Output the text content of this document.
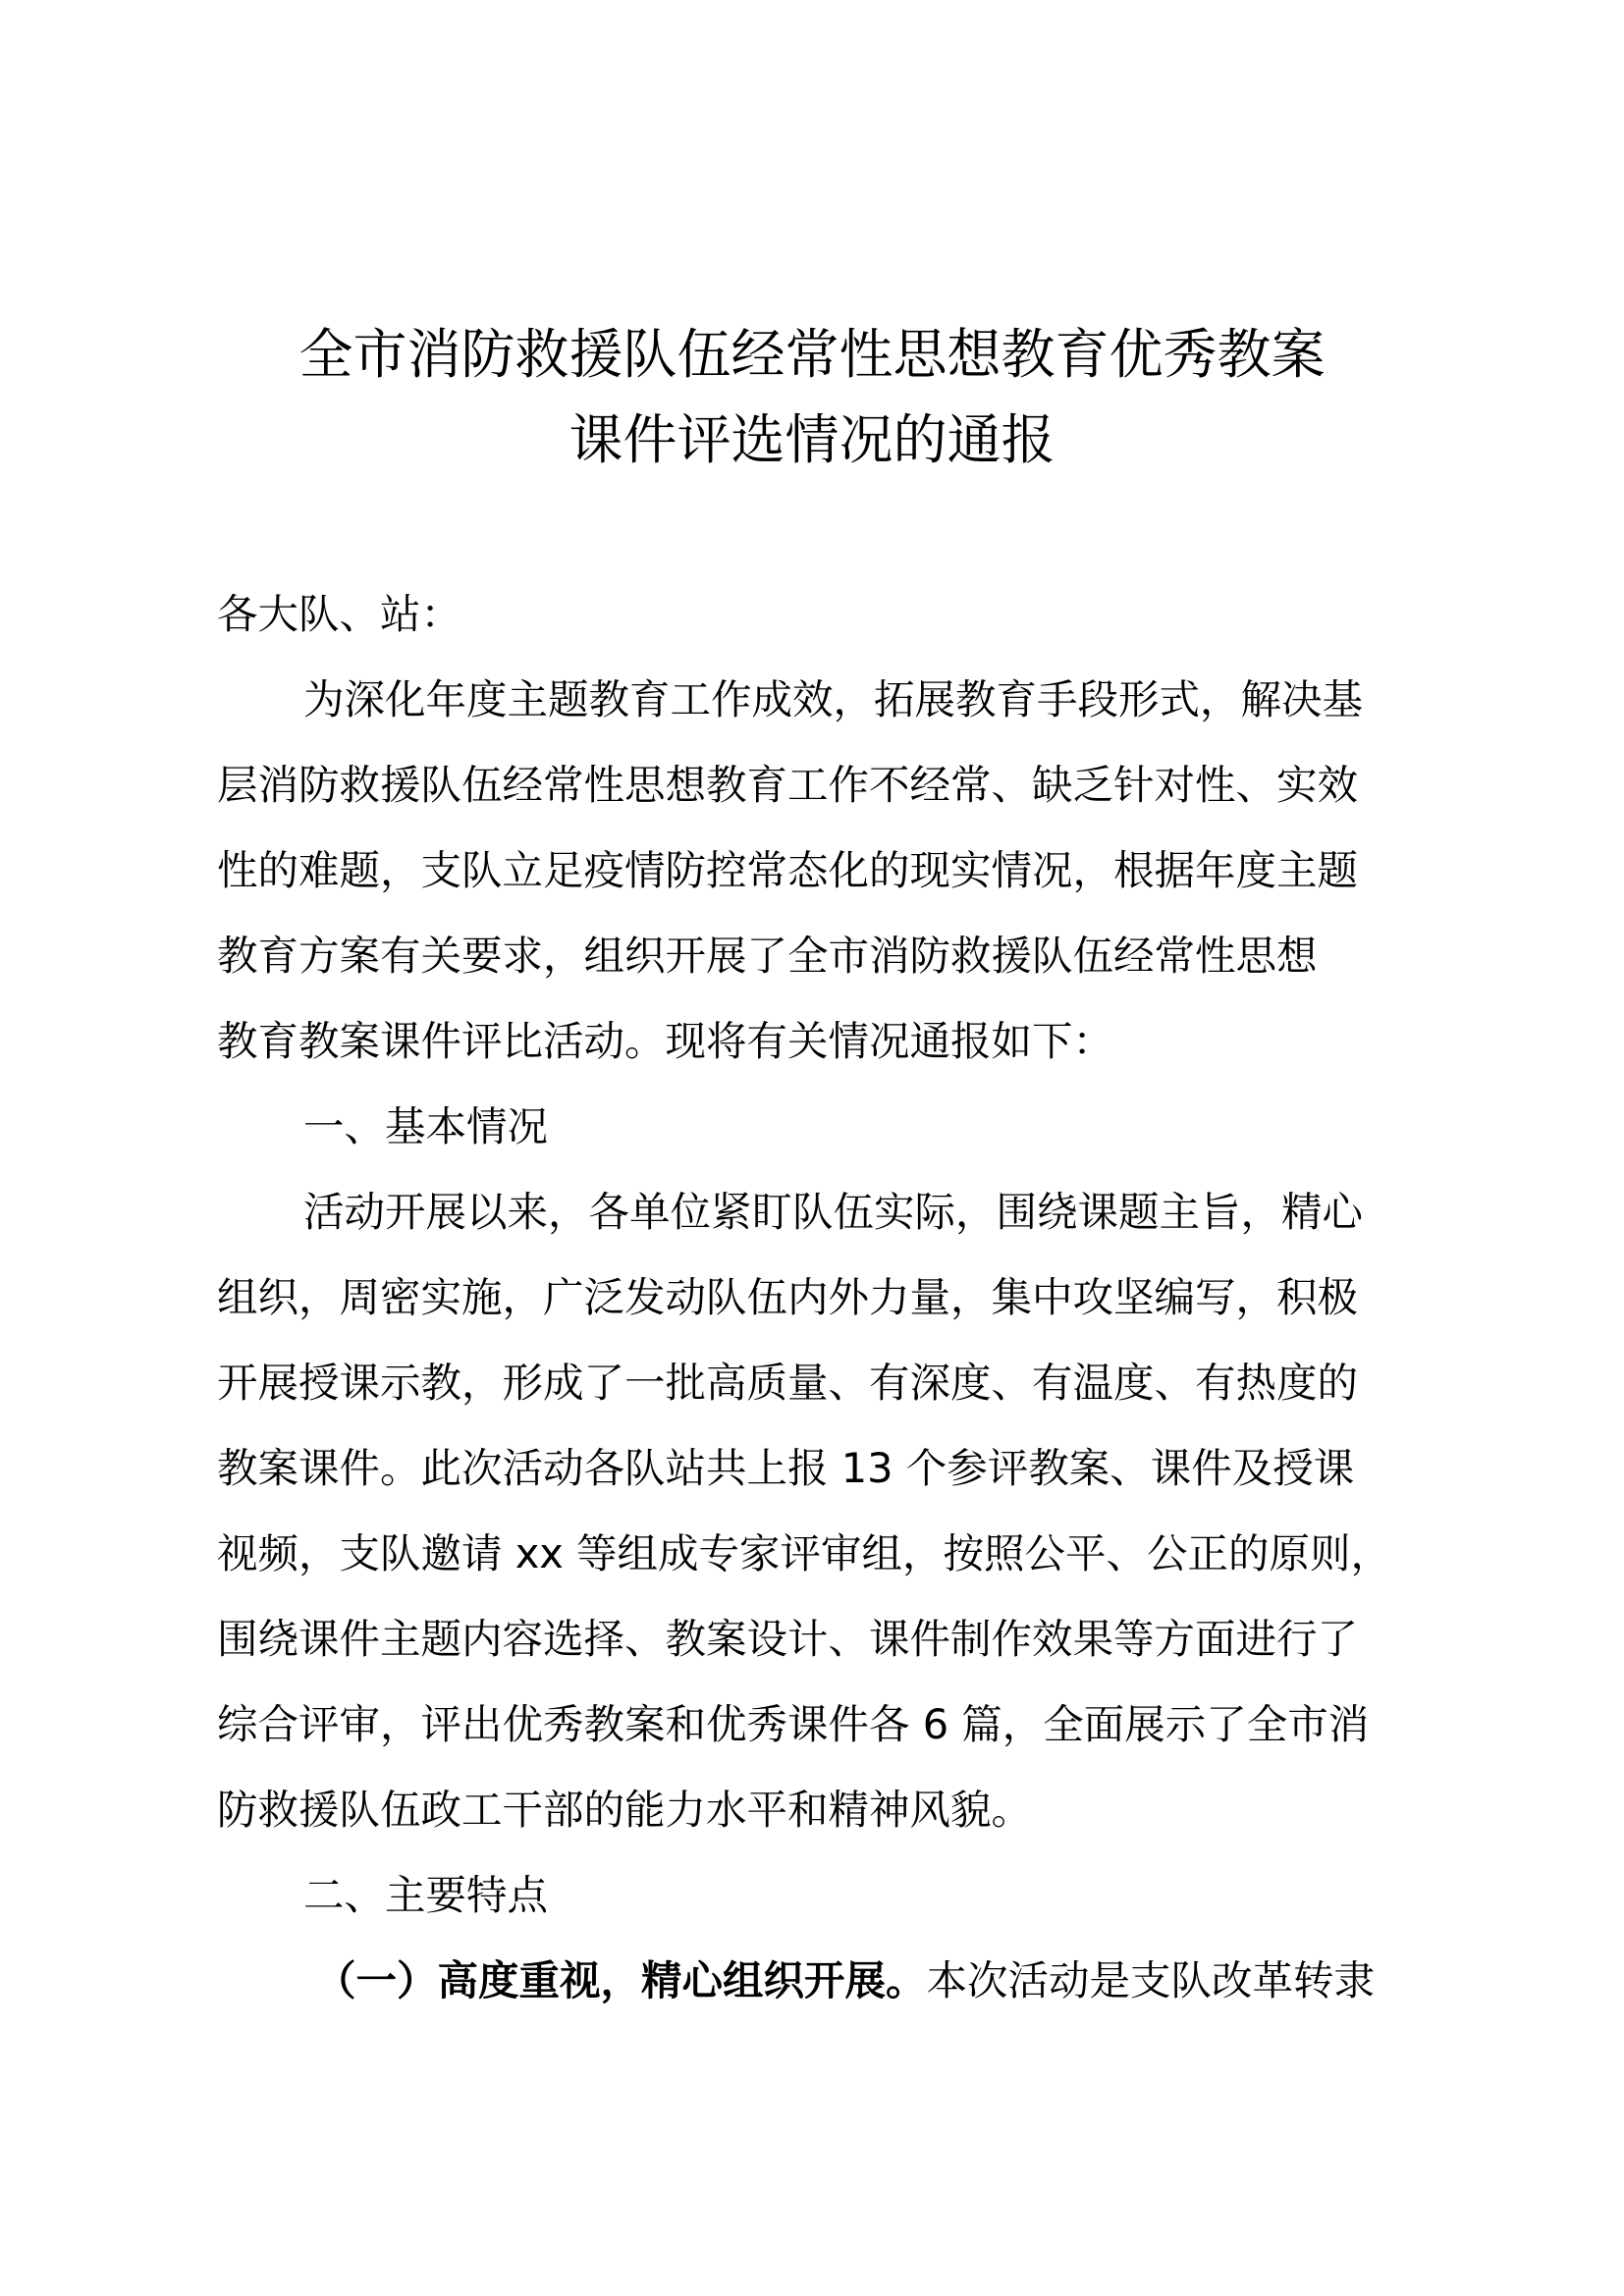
全市消防救援队伍经常性思想教育优秀教案
课件评选情况的通报
各大队、站：
为深化年度主题教育工作成效，拓展教育手段形式，解决基
层消防救援队伍经常性思想教育工作不经常、缺乏针对性、实效
性的难题，支队立足疫情防控常态化的现实情况，根据年度主题
教育方案有关要求，组织开展了全市消防救援队伍经常性思想
教育教案课件评比活动。现将有关情况通报如下：
一、基本情况
活动开展以来，各单位紧盯队伍实际，围绕课题主旨，精心
组织，周密实施，广泛发动队伍内外力量，集中攻坚编写，积极
开展授课示教，形成了一批高质量、有深度、有温度、有热度的
教案课件。此次活动各队站共上报 13 个参评教案、课件及授课
视频，支队邀请 xx 等组成专家评审组，按照公平、公正的原则，
围绕课件主题内容选择、教案设计、课件制作效果等方面进行了
综合评审，评出优秀教案和优秀课件各 6 篇，全面展示了全市消
防救援队伍政工干部的能力水平和精神风貌。
二、主要特点
（一）高度重视，精心组织开展。本次活动是支队改革转隶
